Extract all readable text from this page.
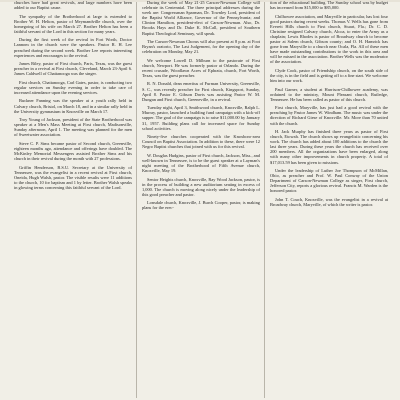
churches have had great revivals, and large numbers have been added to our Baptist cause.

The sympathy of the Brotherhood at large is extended to Brother W. H. Helton, pastor of Meymandville church, over the homegoing of his wife on March 27. Brother Helton has been a faithful servant of the Lord in this section for many years.

During the first week of the revival in Fort Worth, Doctor Lannom in the church were the speakers. Pastor R. H. Lee preached during the second week. Brother Lee reports interesting experiences and encourages to the revival.

James Riley, pastor of First church, Paris, Texas, was the guest preacher in a revival at First church, Cleveland, March 23-April 6. James Caldwell of Chattanooga was the singer.

First church, Chattanooga, Carl Gates, pastor, is conducting two regular services on Sunday evening in order to take care of increased attendance upon the evening services.

Buckner Fanning was the speaker at a youth rally held in Calvary church, Bristol, on March 18, and in a similar rally held in the University gymnasium in Knoxville on March 17.

Troy Young of Jackson, president of the State Brotherhood was speaker at a Men's Mass Meeting at First church, Madisonville, Sunday afternoon, April 1. The meeting was planned for the men of Sweetwater association.

Steve C. P. Sims became pastor of Second church, Greenville, eighteen months ago, attendance and offerings have doubled. The McKinley Memorial Messengers assisted Brother Sims and his church in their revival during the month with 27 professions.

Griffin Henderson, B.S.U. Secretary at the University of Tennessee, was the evangelist in a recent revival at First church, Oneida, Hugh Walsh, pastor. The visible results were 11 additions to the church, 10 for baptism and 1 by letter. Brother Walsh speaks in glowing terms concerning this faithful servant of the Lord.

During the week of May 21-25 Carson-Newman College will celebrate its Centennial. The three principal addresses during the week are: Congressman Sparman, Dr. Townley Lord, president of the Baptist World Alliance, Governor of the Pennsylvania; and Clinton Hamilton, president-elect of Carson-Newman. Also, Dr. Brooks Hays and Dr. Duke K. McCall, president of Southern Baptist Theological Seminary, will speak.

The Carson-Newman Chorus will also present at 8 p.m. at Foot Bryan's oratorio, The Last Judgement, for the opening day of the celebration on Monday, May 21.

We welcome Lowell D. Milburn to the pastorate of First church, Newport. He was formerly pastor at Orlando. During the recent crusade, Woodlawn Acres of Ephrata, church, Fort Worth, Texas, was the guest preacher.

R. N. Donald, dean emeritus of Furman University, Greenville, S. C., was recently preacher for First church, Kingsport, Sunday, April 8. Pastor E. Gibson Davis was assisting Pastor W. M. Dungan and First church, Greeneville, in a revival.

Tuesday night, April 3, Smithwood church, Knoxville, Ralph L. Murray, pastor, launched a building fund campaign with a kick-off supper. The goal of the campaign is to raise $11,000.00 by January 31, 1957. Building plans call for increased space for Sunday school activities.

Ninety-five churches cooperated with the Knoxboro-area Council on Baptist Association. In addition to these, there were 12 Negro Baptist churches that joined with us for this revival.

W. Douglas Hudgins, pastor of First church, Jackson, Miss., and well-known in Tennessee, is to be the guest speaker at a Layman's night meeting of the Brotherhood of Fifth Avenue church, Knoxville, May 19.

Senior Heights church, Knoxville, Ray Wood Jackson, pastor, is in the process of building a new auditorium seating in excess of 1,000. The church is moving along nicely under the leadership of this good preacher and pastor.

Lonsdale church, Knoxville, J. Burch Cooper, pastor, is making plans for the erec-

tion of the educational building. The Sunday school was by budget has increased from $15,000 to $85,000.

Chilhowee association, and Maryville in particular, has lost four good pastors during recent weeks. Thomas V. Wells has gone from Everett Hills church to First church, Stuart, Fla.; Dr. C. D. Christine resigned Calvary church, Alcoa, to enter the Army as a chaplain; Lewis Rhodes is pastor of Broadway church to become pastor at Salem church, Gibson county; and O. H. Hamrick has gone from Maryville to a church near Ocala, Fla. All of these men have made outstanding contributions to the work in this area and will be missed in the association. Brother Wells was the moderator of the association.

Clyde Cook, pastor of Friendship church, on the south side of the city, is in the field and is getting off to a fine start. We welcome him into our work.

Paul Garner, a student at Harrison-Chilhowee academy, was ordained to the ministry, Mount Pleasant church, Rutledge, Tennessee. He has been called as pastor of this church.

First church, Maryville, has just had a good revival with the preaching by Pastor James W. Windham. The music was under the direction of Richard Giese of Knoxville. Mr. More than 70 united with the church.

H. Jack Murphy has finished three years as pastor of First church, Etowah. The church shows up evangelistic concerning his work. The church has added about 100 additions to the church the last three years. During these years the church has received over 200 members. All the organizations have been enlarged, along with many other improvements in church property. A total of $17,013.59 has been given to missions.

Under the leadership of Luther Joe Thompson of McMillan, Ohio, as preacher and Prof. W. Paul Conway of the Union Department of Carson-Newman College as singer, First church, Jefferson City, reports a glorious revival. Francis M. Warden is the honored pastor.

John T. Couch, Knoxville, was the evangelist in a revival at Broadway church, Maryville, of which the writer is pastor.
